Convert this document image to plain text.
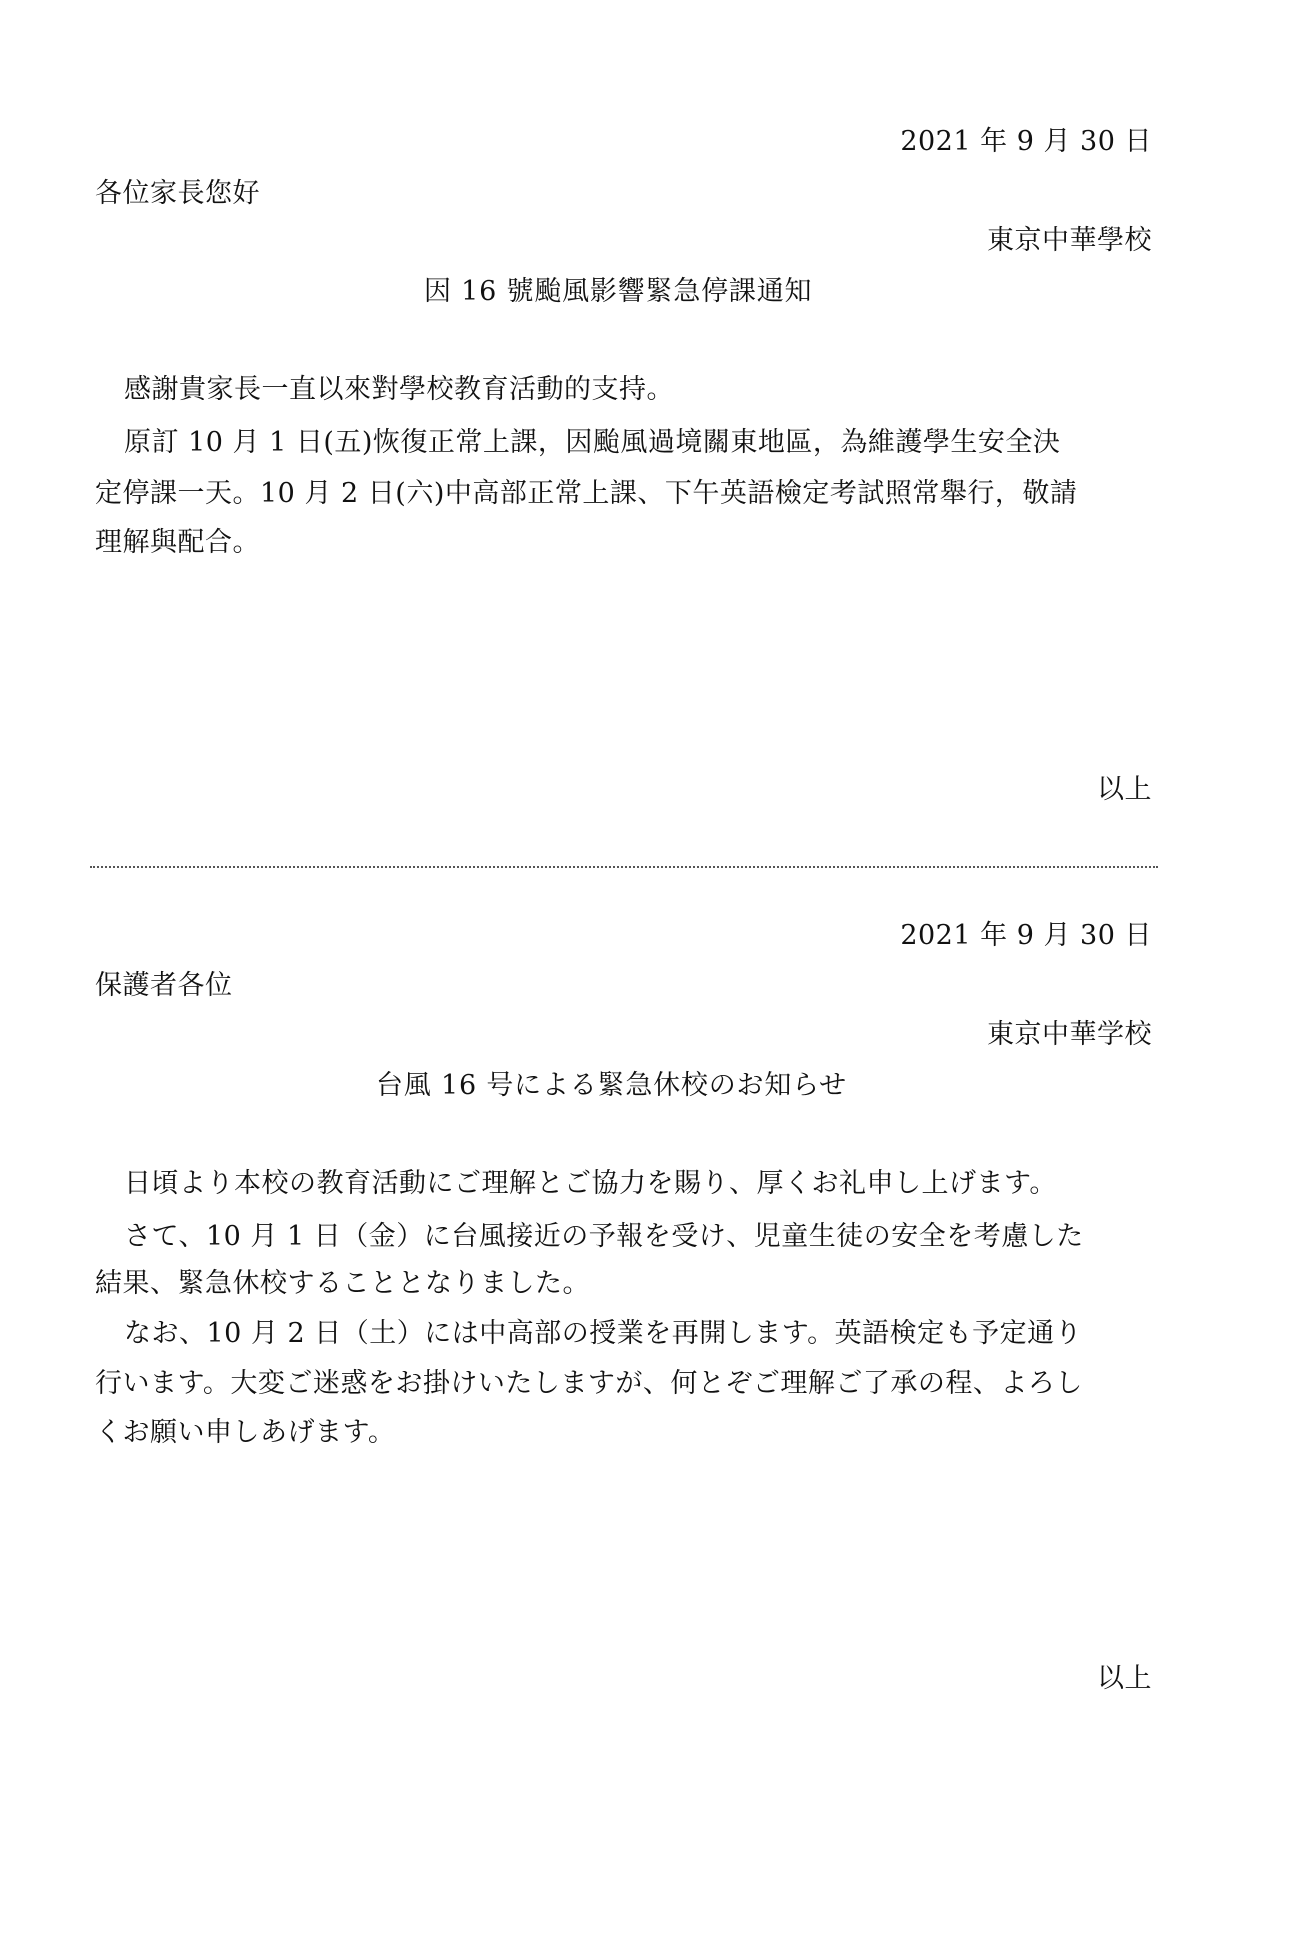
2021 年 9 月 30 日
各位家長您好
東京中華學校
因 16 號颱風影響緊急停課通知
感謝貴家長一直以來對學校教育活動的支持。
原訂 10 月 1 日(五)恢復正常上課，因颱風過境關東地區，為維護學生安全決
定停課一天。10 月 2 日(六)中高部正常上課、下午英語檢定考試照常舉行，敬請
理解與配合。
以上
2021 年 9 月 30 日
保護者各位
東京中華学校
台風 16 号による緊急休校のお知らせ
日頃より本校の教育活動にご理解とご協力を賜り、厚くお礼申し上げます。
さて、10 月 1 日（金）に台風接近の予報を受け、児童生徒の安全を考慮した
結果、緊急休校することとなりました。
なお、10 月 2 日（土）には中高部の授業を再開します。英語検定も予定通り
行います。大変ご迷惑をお掛けいたしますが、何とぞご理解ご了承の程、よろし
くお願い申しあげます。
以上
